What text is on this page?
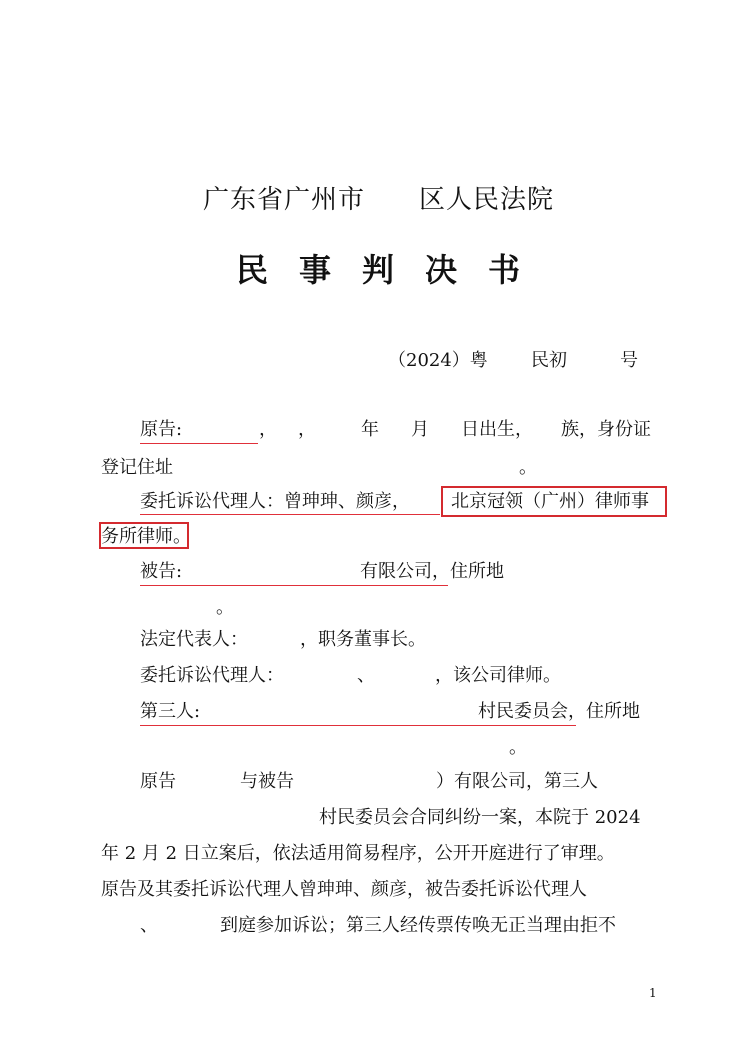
广东省广州市 区人民法院
民 事 判 决 书
（2024）粤 民初	号
原告:	， ，	年 月 日出生， 族，身份证
登记住址	。
委托诉讼代理人：曾珅珅、颜彦， 北京冠领（广州）律师事
务所律师。
被告:	有限公司，住所地
。
法定代表人：	，职务董事长。
委托诉讼代理人：	、	，该公司律师。
第三人:	村民委员会，住所地
。
原告	与被告	）有限公司，第三人
村民委员会合同纠纷一案，本院于 2024
年 2 月 2 日立案后，依法适用简易程序，公开开庭进行了审理。
原告及其委托诉讼代理人曾珅珅、颜彦，被告委托诉讼代理人
、	到庭参加诉讼；第三人经传票传唤无正当理由拒不
1
